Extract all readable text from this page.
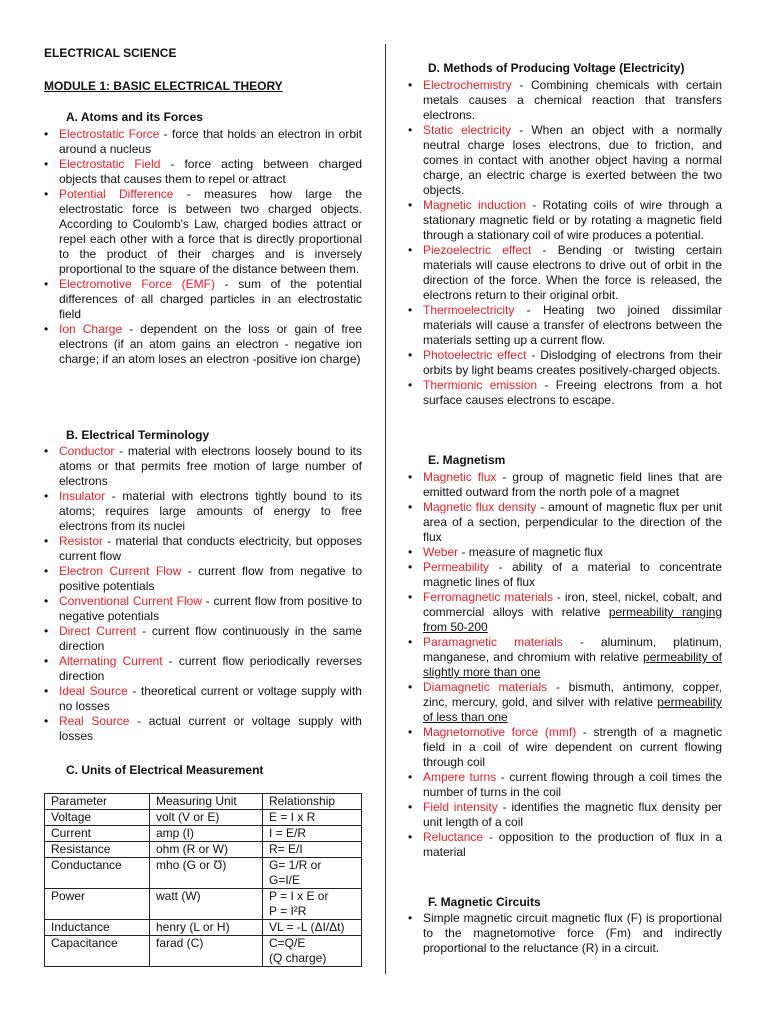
ELECTRICAL SCIENCE
MODULE 1: BASIC ELECTRICAL THEORY
A. Atoms and its Forces
• Electrostatic Force - force that holds an electron in orbit around a nucleus
• Electrostatic Field - force acting between charged objects that causes them to repel or attract
• Potential Difference - measures how large the electrostatic force is between two charged objects. According to Coulomb's Law, charged bodies attract or repel each other with a force that is directly proportional to the product of their charges and is inversely proportional to the square of the distance between them.
• Electromotive Force (EMF) - sum of the potential differences of all charged particles in an electrostatic field
• Ion Charge - dependent on the loss or gain of free electrons (if an atom gains an electron - negative ion charge; if an atom loses an electron -positive ion charge)
B. Electrical Terminology
• Conductor - material with electrons loosely bound to its atoms or that permits free motion of large number of electrons
• Insulator - material with electrons tightly bound to its atoms; requires large amounts of energy to free electrons from its nuclei
• Resistor - material that conducts electricity, but opposes current flow
• Electron Current Flow - current flow from negative to positive potentials
• Conventional Current Flow - current flow from positive to negative potentials
• Direct Current - current flow continuously in the same direction
• Alternating Current - current flow periodically reverses direction
• Ideal Source - theoretical current or voltage supply with no losses
• Real Source - actual current or voltage supply with losses
C. Units of Electrical Measurement
Parameter	Measuring Unit	Relationship
Voltage	volt (V or E)	E = I x R

Current	amp (I)	I = E/R

Resistance	ohm (R or W)	R= E/I

Conductance	mho (G or Ʊ)	G= 1/R or
G=I/E

Power	watt (W)	P = I x E or
P = I²R

Inductance	henry (L or H)	VL = -L (ΔI/Δt)

Capacitance	farad (C)	C=Q/E
(Q charge)
D. Methods of Producing Voltage (Electricity)
• Electrochemistry - Combining chemicals with certain metals causes a chemical reaction that transfers electrons.
• Static electricity - When an object with a normally neutral charge loses electrons, due to friction, and comes in contact with another object having a normal charge, an electric charge is exerted between the two objects.
• Magnetic induction - Rotating coils of wire through a stationary magnetic field or by rotating a magnetic field through a stationary coil of wire produces a potential.
• Piezoelectric effect - Bending or twisting certain materials will cause electrons to drive out of orbit in the direction of the force. When the force is released, the electrons return to their original orbit.
• Thermoelectricity - Heating two joined dissimilar materials will cause a transfer of electrons between the materials setting up a current flow.
• Photoelectric effect - Dislodging of electrons from their orbits by light beams creates positively-charged objects.
• Thermionic emission - Freeing electrons from a hot surface causes electrons to escape.
E. Magnetism
• Magnetic flux - group of magnetic field lines that are emitted outward from the north pole of a magnet
• Magnetic flux density - amount of magnetic flux per unit area of a section, perpendicular to the direction of the flux
• Weber - measure of magnetic flux
• Permeability - ability of a material to concentrate magnetic lines of flux
• Ferromagnetic materials - iron, steel, nickel, cobalt, and commercial alloys with relative permeability ranging from 50-200
• Paramagnetic materials - aluminum, platinum, manganese, and chromium with relative permeability of slightly more than one
• Diamagnetic materials - bismuth, antimony, copper, zinc, mercury, gold, and silver with relative permeability of less than one
• Magnetomotive force (mmf) - strength of a magnetic field in a coil of wire dependent on current flowing through coil
• Ampere turns - current flowing through a coil times the number of turns in the coil
• Field intensity - identifies the magnetic flux density per unit length of a coil
• Reluctance - opposition to the production of flux in a material
F. Magnetic Circuits
• Simple magnetic circuit magnetic flux (F) is proportional to the magnetomotive force (Fm) and indirectly proportional to the reluctance (R) in a circuit.
